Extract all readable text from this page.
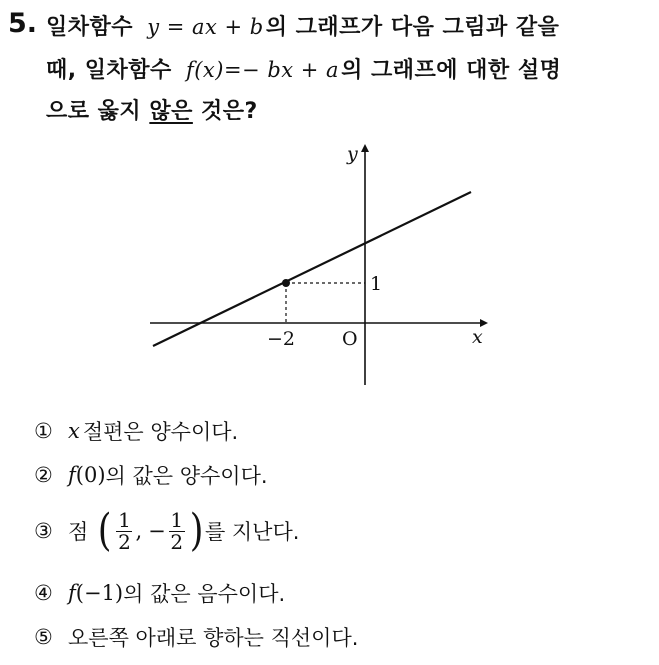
5. 일차함수 y = ax + b의 그래프가 다음 그림과 같을
때, 일차함수 f(x)=− bx + a의 그래프에 대한 설명
으로 옳지 않은 것은?
y
x
O
−2
1
① x 절편은 양수이다.
② f (0) 의 값은 양수이다.
③ 점 ( $\frac{1}{2}$ , − $\frac{1}{2}$ ) 를 지난다.
④ f (−1) 의 값은 음수이다.
⑤ 오른쪽 아래로 향하는 직선이다.
